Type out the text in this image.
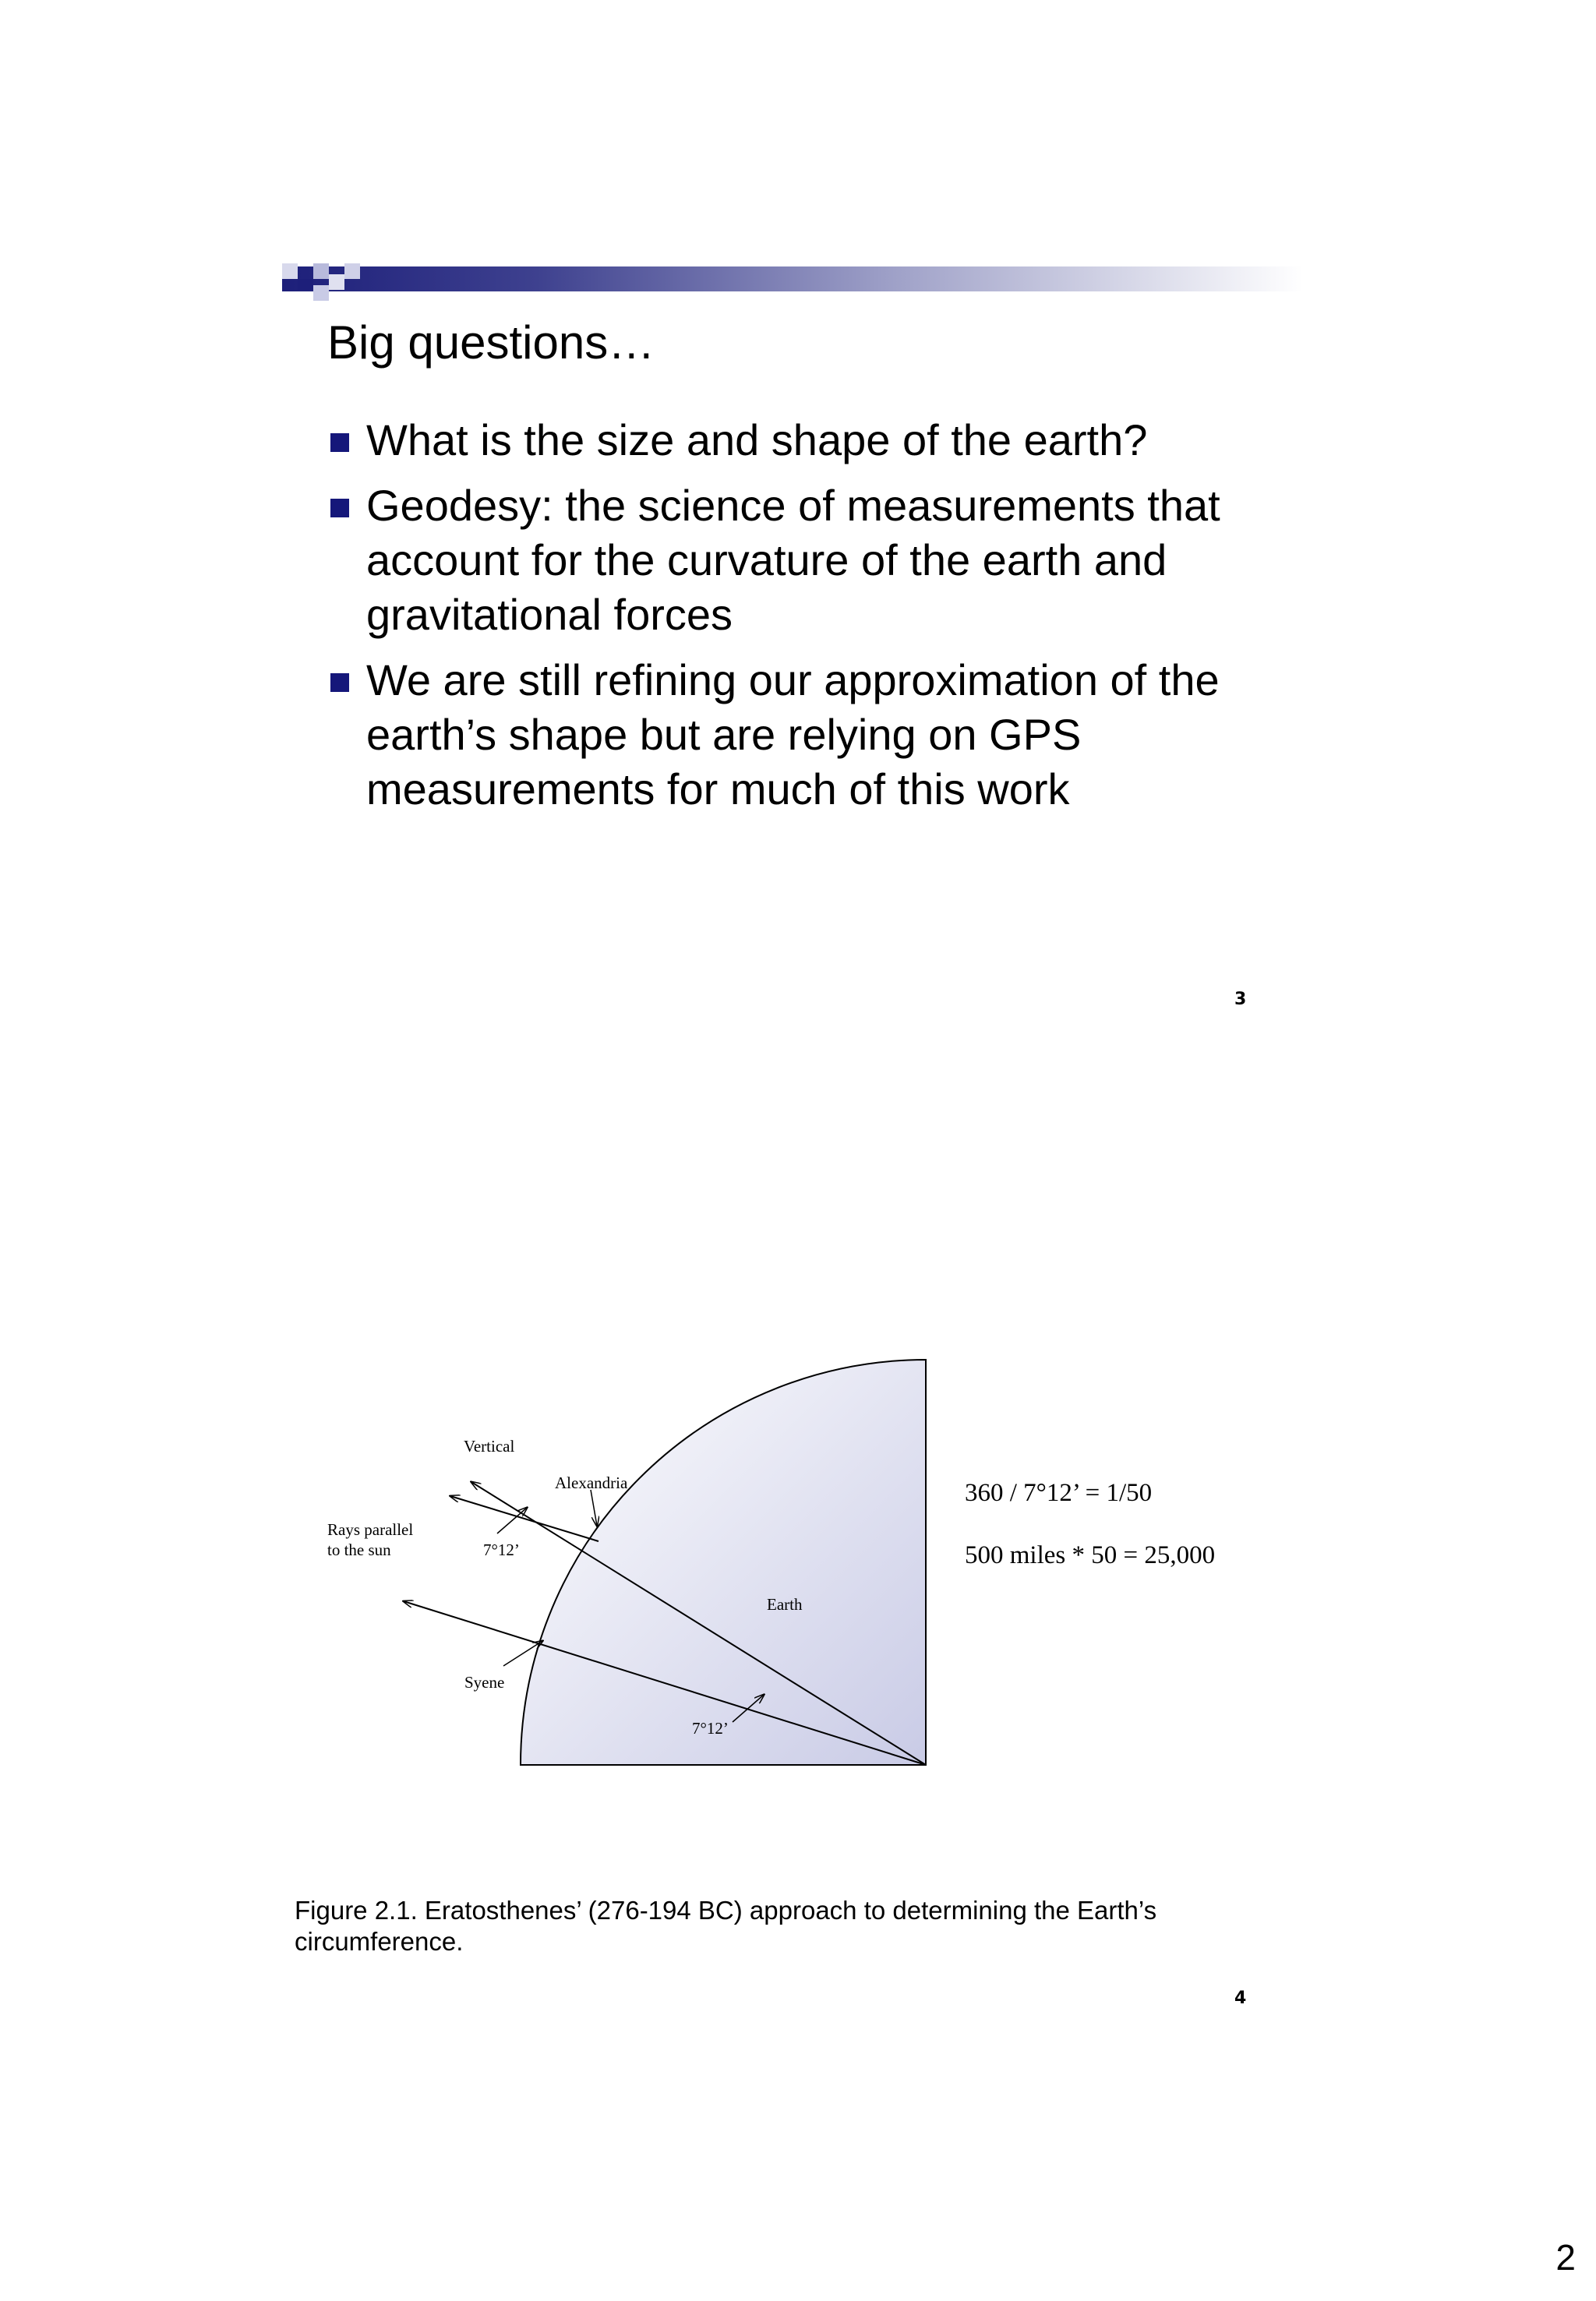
Big questions…
What is the size and shape of the earth?
Geodesy: the science of measurements that account for the curvature of the earth and gravitational forces
We are still refining our approximation of the earth’s shape but are relying on GPS measurements for much of this work
3
Vertical
Alexandria
Rays parallel
to the sun	7°12’
Earth
Syene
7°12’
360 / 7°12’ = 1/50
500 miles * 50 = 25,000
Figure 2.1. Eratosthenes’ (276-194 BC) approach to determining the Earth’s circumference.
4
2
